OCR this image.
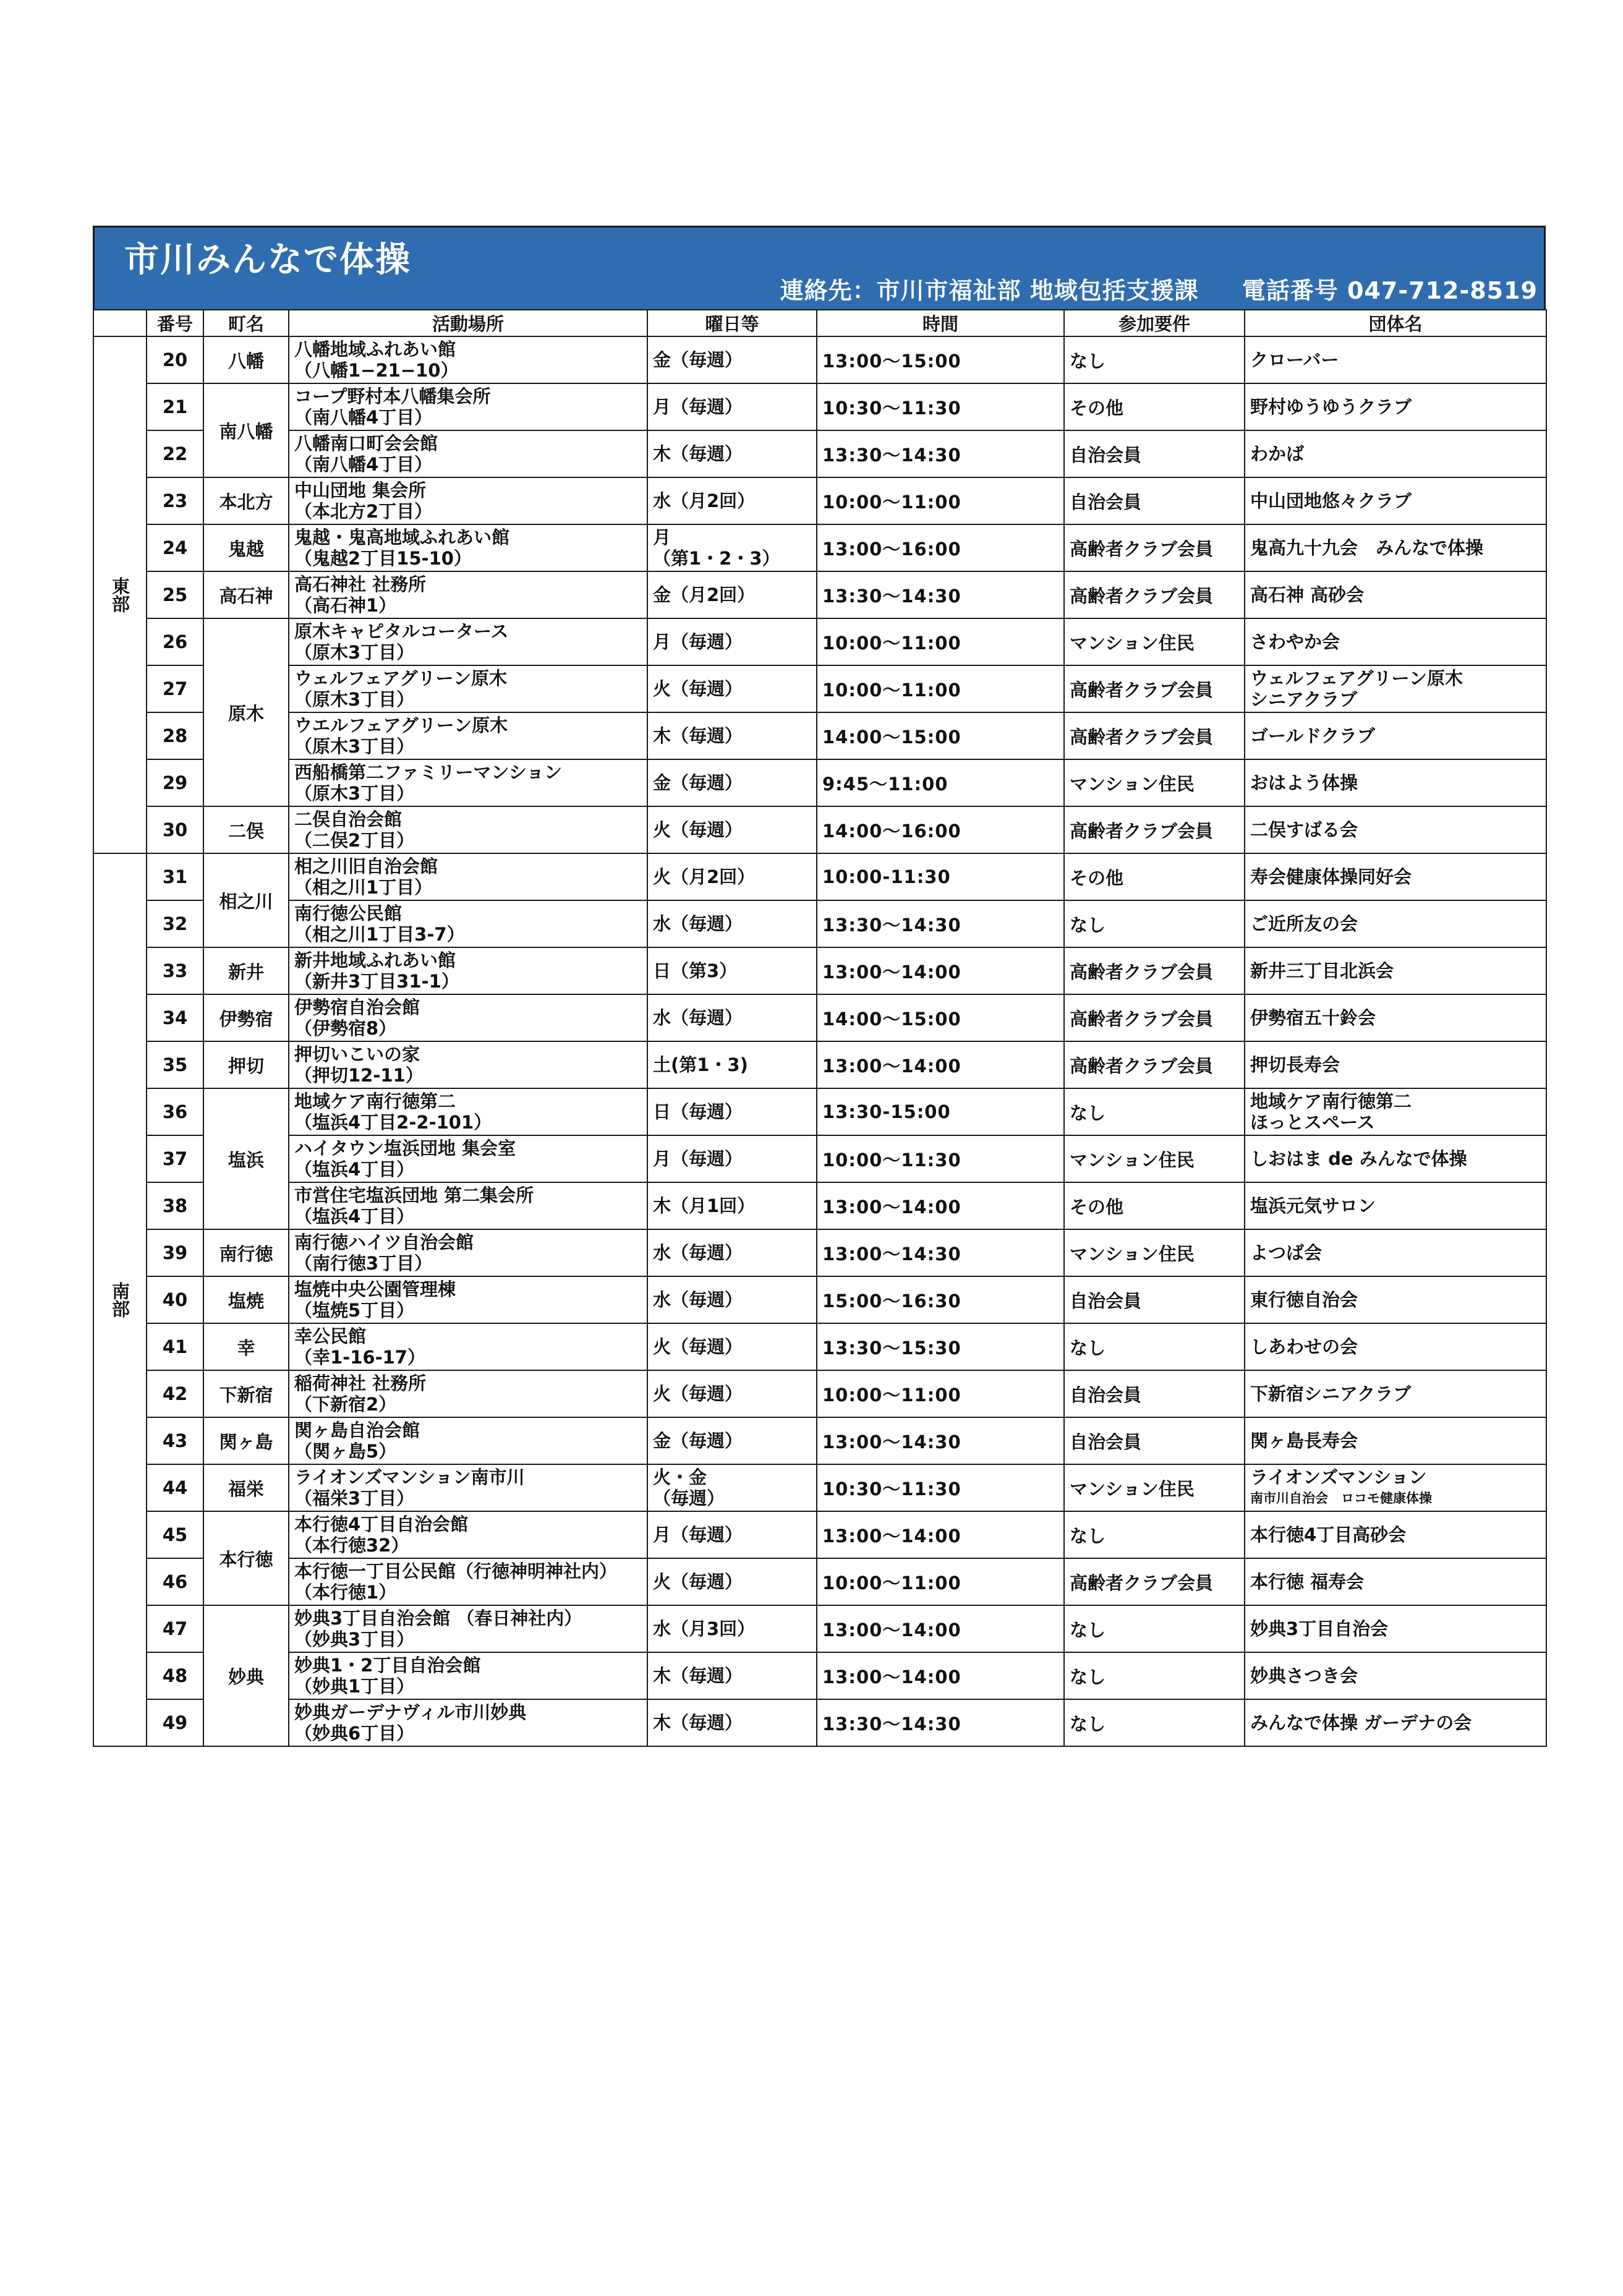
市川みんなで体操
連絡先：市川市福祉部 地域包括支援課 電話番号 047-712-8519
	番号	町名	活動場所	曜日等	時間	参加要件	団体名
東部	20	八幡	八幡地域ふれあい館
（八幡1−21−10）	金（毎週）	13:00～15:00	なし	クローバー

	21	南八幡	コープ野村本八幡集会所
（南八幡4丁目）	月（毎週）	10:30～11:30	その他	野村ゆうゆうクラブ

	22		八幡南口町会会館
（南八幡4丁目）	木（毎週）	13:30～14:30	自治会員	わかば

	23	本北方	中山団地 集会所
（本北方2丁目）	水（月2回）	10:00～11:00	自治会員	中山団地悠々クラブ

	24	鬼越	鬼越・鬼高地域ふれあい館
（鬼越2丁目15-10）	月
（第1・2・3）	13:00～16:00	高齢者クラブ会員	鬼高九十九会　みんなで体操

	25	高石神	高石神社 社務所
（高石神1）	金（月2回）	13:30～14:30	高齢者クラブ会員	高石神 高砂会

	26	原木	原木キャピタルコータース
（原木3丁目）	月（毎週）	10:00～11:00	マンション住民	さわやか会

	27		ウェルフェアグリーン原木
（原木3丁目）	火（毎週）	10:00～11:00	高齢者クラブ会員	ウェルフェアグリーン原木
シニアクラブ

	28		ウエルフェアグリーン原木
（原木3丁目）	木（毎週）	14:00～15:00	高齢者クラブ会員	ゴールドクラブ

	29		西船橋第二ファミリーマンション
（原木3丁目）	金（毎週）	9:45～11:00	マンション住民	おはよう体操

	30	二俣	二俣自治会館
（二俣2丁目）	火（毎週）	14:00～16:00	高齢者クラブ会員	二俣すばる会

南部	31	相之川	相之川旧自治会館
（相之川1丁目）	火（月2回）	10:00-11:30	その他	寿会健康体操同好会

	32		南行徳公民館
（相之川1丁目3-7）	水（毎週）	13:30～14:30	なし	ご近所友の会

	33	新井	新井地域ふれあい館
（新井3丁目31-1）	日（第3）	13:00～14:00	高齢者クラブ会員	新井三丁目北浜会

	34	伊勢宿	伊勢宿自治会館
（伊勢宿8）	水（毎週）	14:00～15:00	高齢者クラブ会員	伊勢宿五十鈴会

	35	押切	押切いこいの家
（押切12-11）	土(第1・3)	13:00～14:00	高齢者クラブ会員	押切長寿会

	36	塩浜	地域ケア南行徳第二
（塩浜4丁目2-2-101）	日（毎週）	13:30-15:00	なし	地域ケア南行徳第二
ほっとスペース

	37		ハイタウン塩浜団地 集会室
（塩浜4丁目）	月（毎週）	10:00～11:30	マンション住民	しおはま de みんなで体操

	38		市営住宅塩浜団地 第二集会所
（塩浜4丁目）	木（月1回）	13:00～14:00	その他	塩浜元気サロン

	39	南行徳	南行徳ハイツ自治会館
（南行徳3丁目）	水（毎週）	13:00～14:30	マンション住民	よつば会

	40	塩焼	塩焼中央公園管理棟
（塩焼5丁目）	水（毎週）	15:00～16:30	自治会員	東行徳自治会

	41	幸	幸公民館
（幸1-16-17）	火（毎週）	13:30～15:30	なし	しあわせの会

	42	下新宿	稲荷神社 社務所
（下新宿2）	火（毎週）	10:00～11:00	自治会員	下新宿シニアクラブ

	43	関ヶ島	関ヶ島自治会館
（関ヶ島5）	金（毎週）	13:00～14:30	自治会員	関ヶ島長寿会

	44	福栄	ライオンズマンション南市川
（福栄3丁目）	火・金
（毎週）	10:30～11:30	マンション住民	ライオンズマンション
南市川自治会　ロコモ健康体操

	45	本行徳	本行徳4丁目自治会館
（本行徳32）	月（毎週）	13:00～14:00	なし	本行徳4丁目高砂会

	46		本行徳一丁目公民館（行徳神明神社内）
（本行徳1）	火（毎週）	10:00～11:00	高齢者クラブ会員	本行徳 福寿会

	47	妙典	妙典3丁目自治会館 （春日神社内）
（妙典3丁目）	水（月3回）	13:00～14:00	なし	妙典3丁目自治会

	48		妙典1・2丁目自治会館
（妙典1丁目）	木（毎週）	13:00～14:00	なし	妙典さつき会

	49		妙典ガーデナヴィル市川妙典
（妙典6丁目）	木（毎週）	13:30～14:30	なし	みんなで体操 ガーデナの会
